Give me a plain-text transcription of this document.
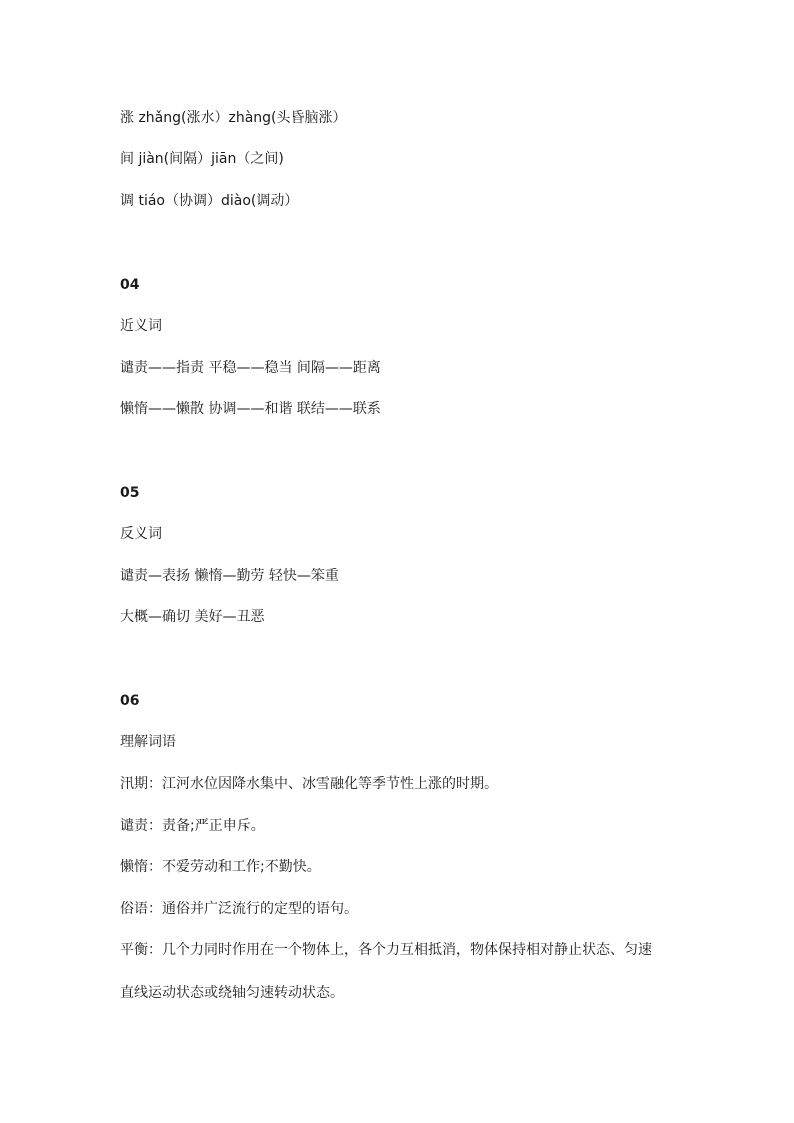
涨 zhǎng(涨水）zhàng(头昏脑涨）
间 jiàn(间隔）jiān（之间)
调 tiáo（协调）diào(调动）
04
近义词
谴责——指责 平稳——稳当 间隔——距离
懒惰——懒散 协调——和谐 联结——联系
05
反义词
谴责—表扬 懒惰—勤劳 轻快—笨重
大概—确切 美好—丑恶
06
理解词语
汛期：江河水位因降水集中、冰雪融化等季节性上涨的时期。
谴责：责备;严正申斥。
懒惰：不爱劳动和工作;不勤快。
俗语：通俗并广泛流行的定型的语句。
平衡：几个力同时作用在一个物体上，各个力互相抵消，物体保持相对静止状态、匀速
直线运动状态或绕轴匀速转动状态。
